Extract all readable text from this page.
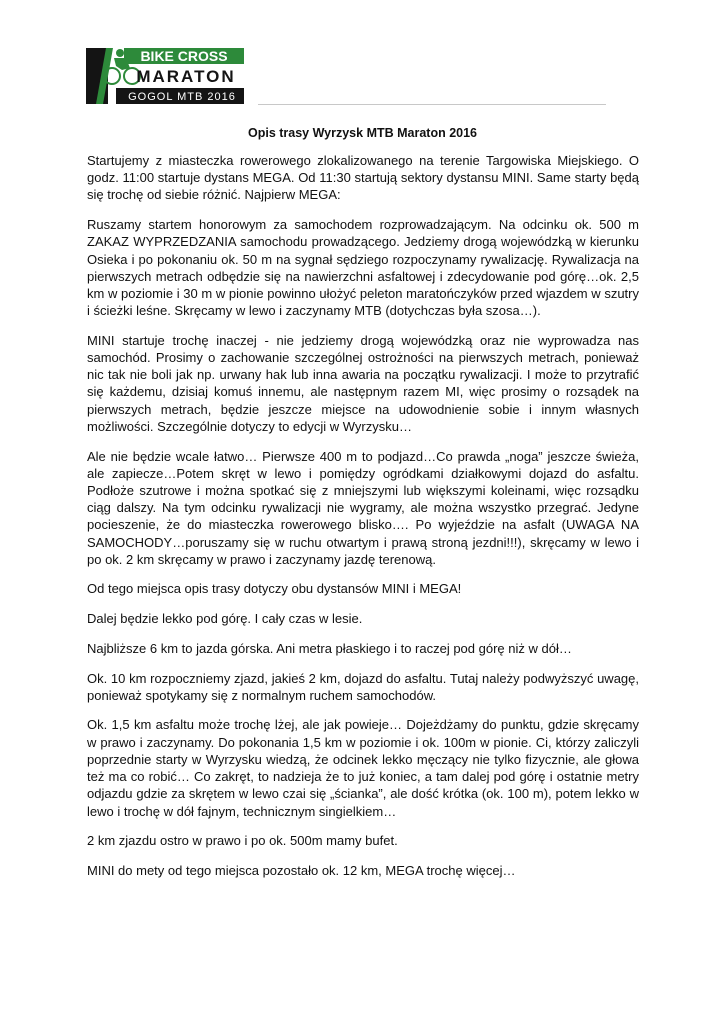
BIKE CROSS
MARATON
GOGOL MTB 2016
Opis trasy Wyrzysk MTB Maraton 2016

Startujemy z miasteczka rowerowego zlokalizowanego na terenie Targowiska Miejskiego. O godz. 11:00 startuje dystans MEGA. Od 11:30 startują sektory dystansu MINI. Same starty będą się trochę od siebie różnić. Najpierw MEGA:

Ruszamy startem honorowym za samochodem rozprowadzającym. Na odcinku ok. 500 m ZAKAZ WYPRZEDZANIA samochodu prowadzącego. Jedziemy drogą wojewódzką w kierunku Osieka i po pokonaniu ok. 50 m na sygnał sędziego rozpoczynamy rywalizację. Rywalizacja na pierwszych metrach odbędzie się na nawierzchni asfaltowej i zdecydowanie pod górę…ok. 2,5 km w poziomie i 30 m w pionie powinno ułożyć peleton maratończyków przed wjazdem w szutry i ścieżki leśne. Skręcamy w lewo i zaczynamy MTB (dotychczas była szosa…).

MINI startuje trochę inaczej - nie jedziemy drogą wojewódzką oraz nie wyprowadza nas samochód. Prosimy o zachowanie szczególnej ostrożności na pierwszych metrach, ponieważ nic tak nie boli jak np. urwany hak lub inna awaria na początku rywalizacji. I może to przytrafić się każdemu, dzisiaj komuś innemu, ale następnym razem MI, więc prosimy o rozsądek na pierwszych metrach, będzie jeszcze miejsce na udowodnienie sobie i innym własnych możliwości. Szczególnie dotyczy to edycji w Wyrzysku…

Ale nie będzie wcale łatwo… Pierwsze 400 m to podjazd…Co prawda „noga” jeszcze świeża, ale zapiecze…Potem skręt w lewo i pomiędzy ogródkami działkowymi dojazd do asfaltu. Podłoże szutrowe i można spotkać się z mniejszymi lub większymi koleinami, więc rozsądku ciąg dalszy. Na tym odcinku rywalizacji nie wygramy, ale można wszystko przegrać. Jedyne pocieszenie, że do miasteczka rowerowego blisko…. Po wyjeździe na asfalt (UWAGA NA SAMOCHODY…poruszamy się w ruchu otwartym i prawą stroną jezdni!!!), skręcamy w lewo i po ok. 2 km skręcamy w prawo i zaczynamy jazdę terenową.

Od tego miejsca opis trasy dotyczy obu dystansów MINI i MEGA!

Dalej będzie lekko pod górę. I cały czas w lesie.

Najbliższe 6 km to jazda górska. Ani metra płaskiego i to raczej pod górę niż w dół…

Ok. 10 km rozpoczniemy zjazd, jakieś 2 km, dojazd do asfaltu. Tutaj należy podwyższyć uwagę, ponieważ spotykamy się z normalnym ruchem samochodów.

Ok. 1,5 km asfaltu może trochę lżej, ale jak powieje… Dojeżdżamy do punktu, gdzie skręcamy w prawo i zaczynamy. Do pokonania 1,5 km w poziomie i ok. 100m w pionie. Ci, którzy zaliczyli poprzednie starty w Wyrzysku wiedzą, że odcinek lekko męczący nie tylko fizycznie, ale głowa też ma co robić… Co zakręt, to nadzieja że to już koniec, a tam dalej pod górę i ostatnie metry odjazdu gdzie za skrętem w lewo czai się „ścianka”, ale dość krótka (ok. 100 m), potem lekko w lewo i trochę w dół fajnym, technicznym singielkiem…

2 km zjazdu ostro w prawo i po ok. 500m mamy bufet.

MINI do mety od tego miejsca pozostało ok. 12 km, MEGA trochę więcej…
